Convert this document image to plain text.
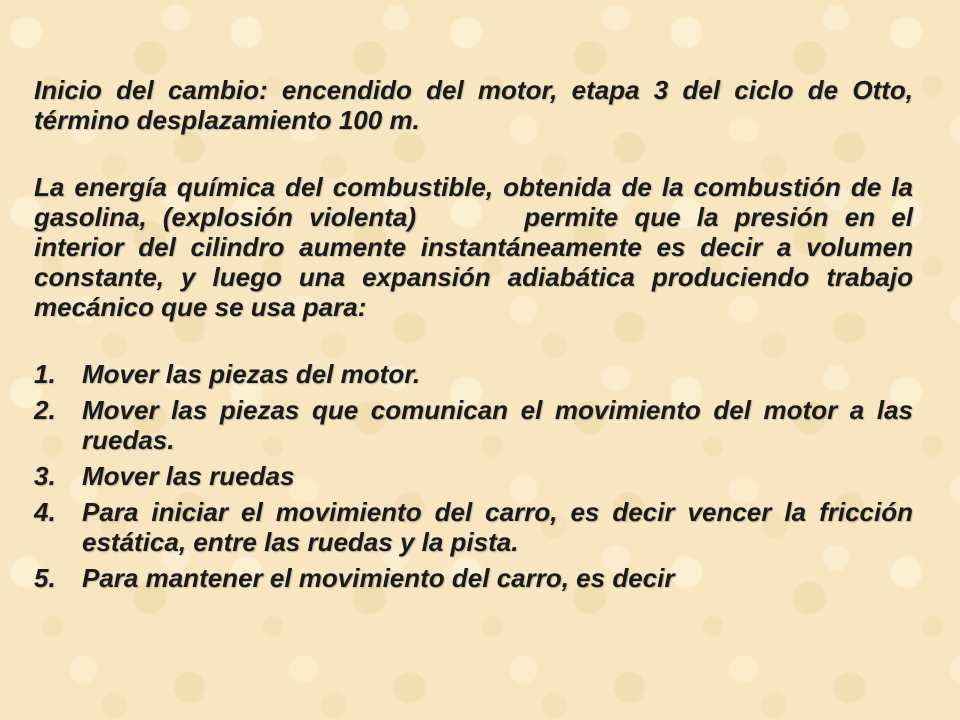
Inicio del cambio: encendido del motor, etapa 3 del ciclo de Otto, término desplazamiento 100 m.

La energía química del combustible, obtenida de la combustión de la gasolina, (explosión violenta)	permite que la presión en el interior del cilindro aumente instantáneamente es decir a volumen constante, y luego una expansión adiabática produciendo trabajo mecánico que se usa para:

1. Mover las piezas del motor.
2. Mover las piezas que comunican el movimiento del motor a las ruedas.
3. Mover las ruedas
4. Para iniciar el movimiento del carro, es decir vencer la fricción estática, entre las ruedas y la pista.
5. Para mantener el movimiento del carro, es decir
